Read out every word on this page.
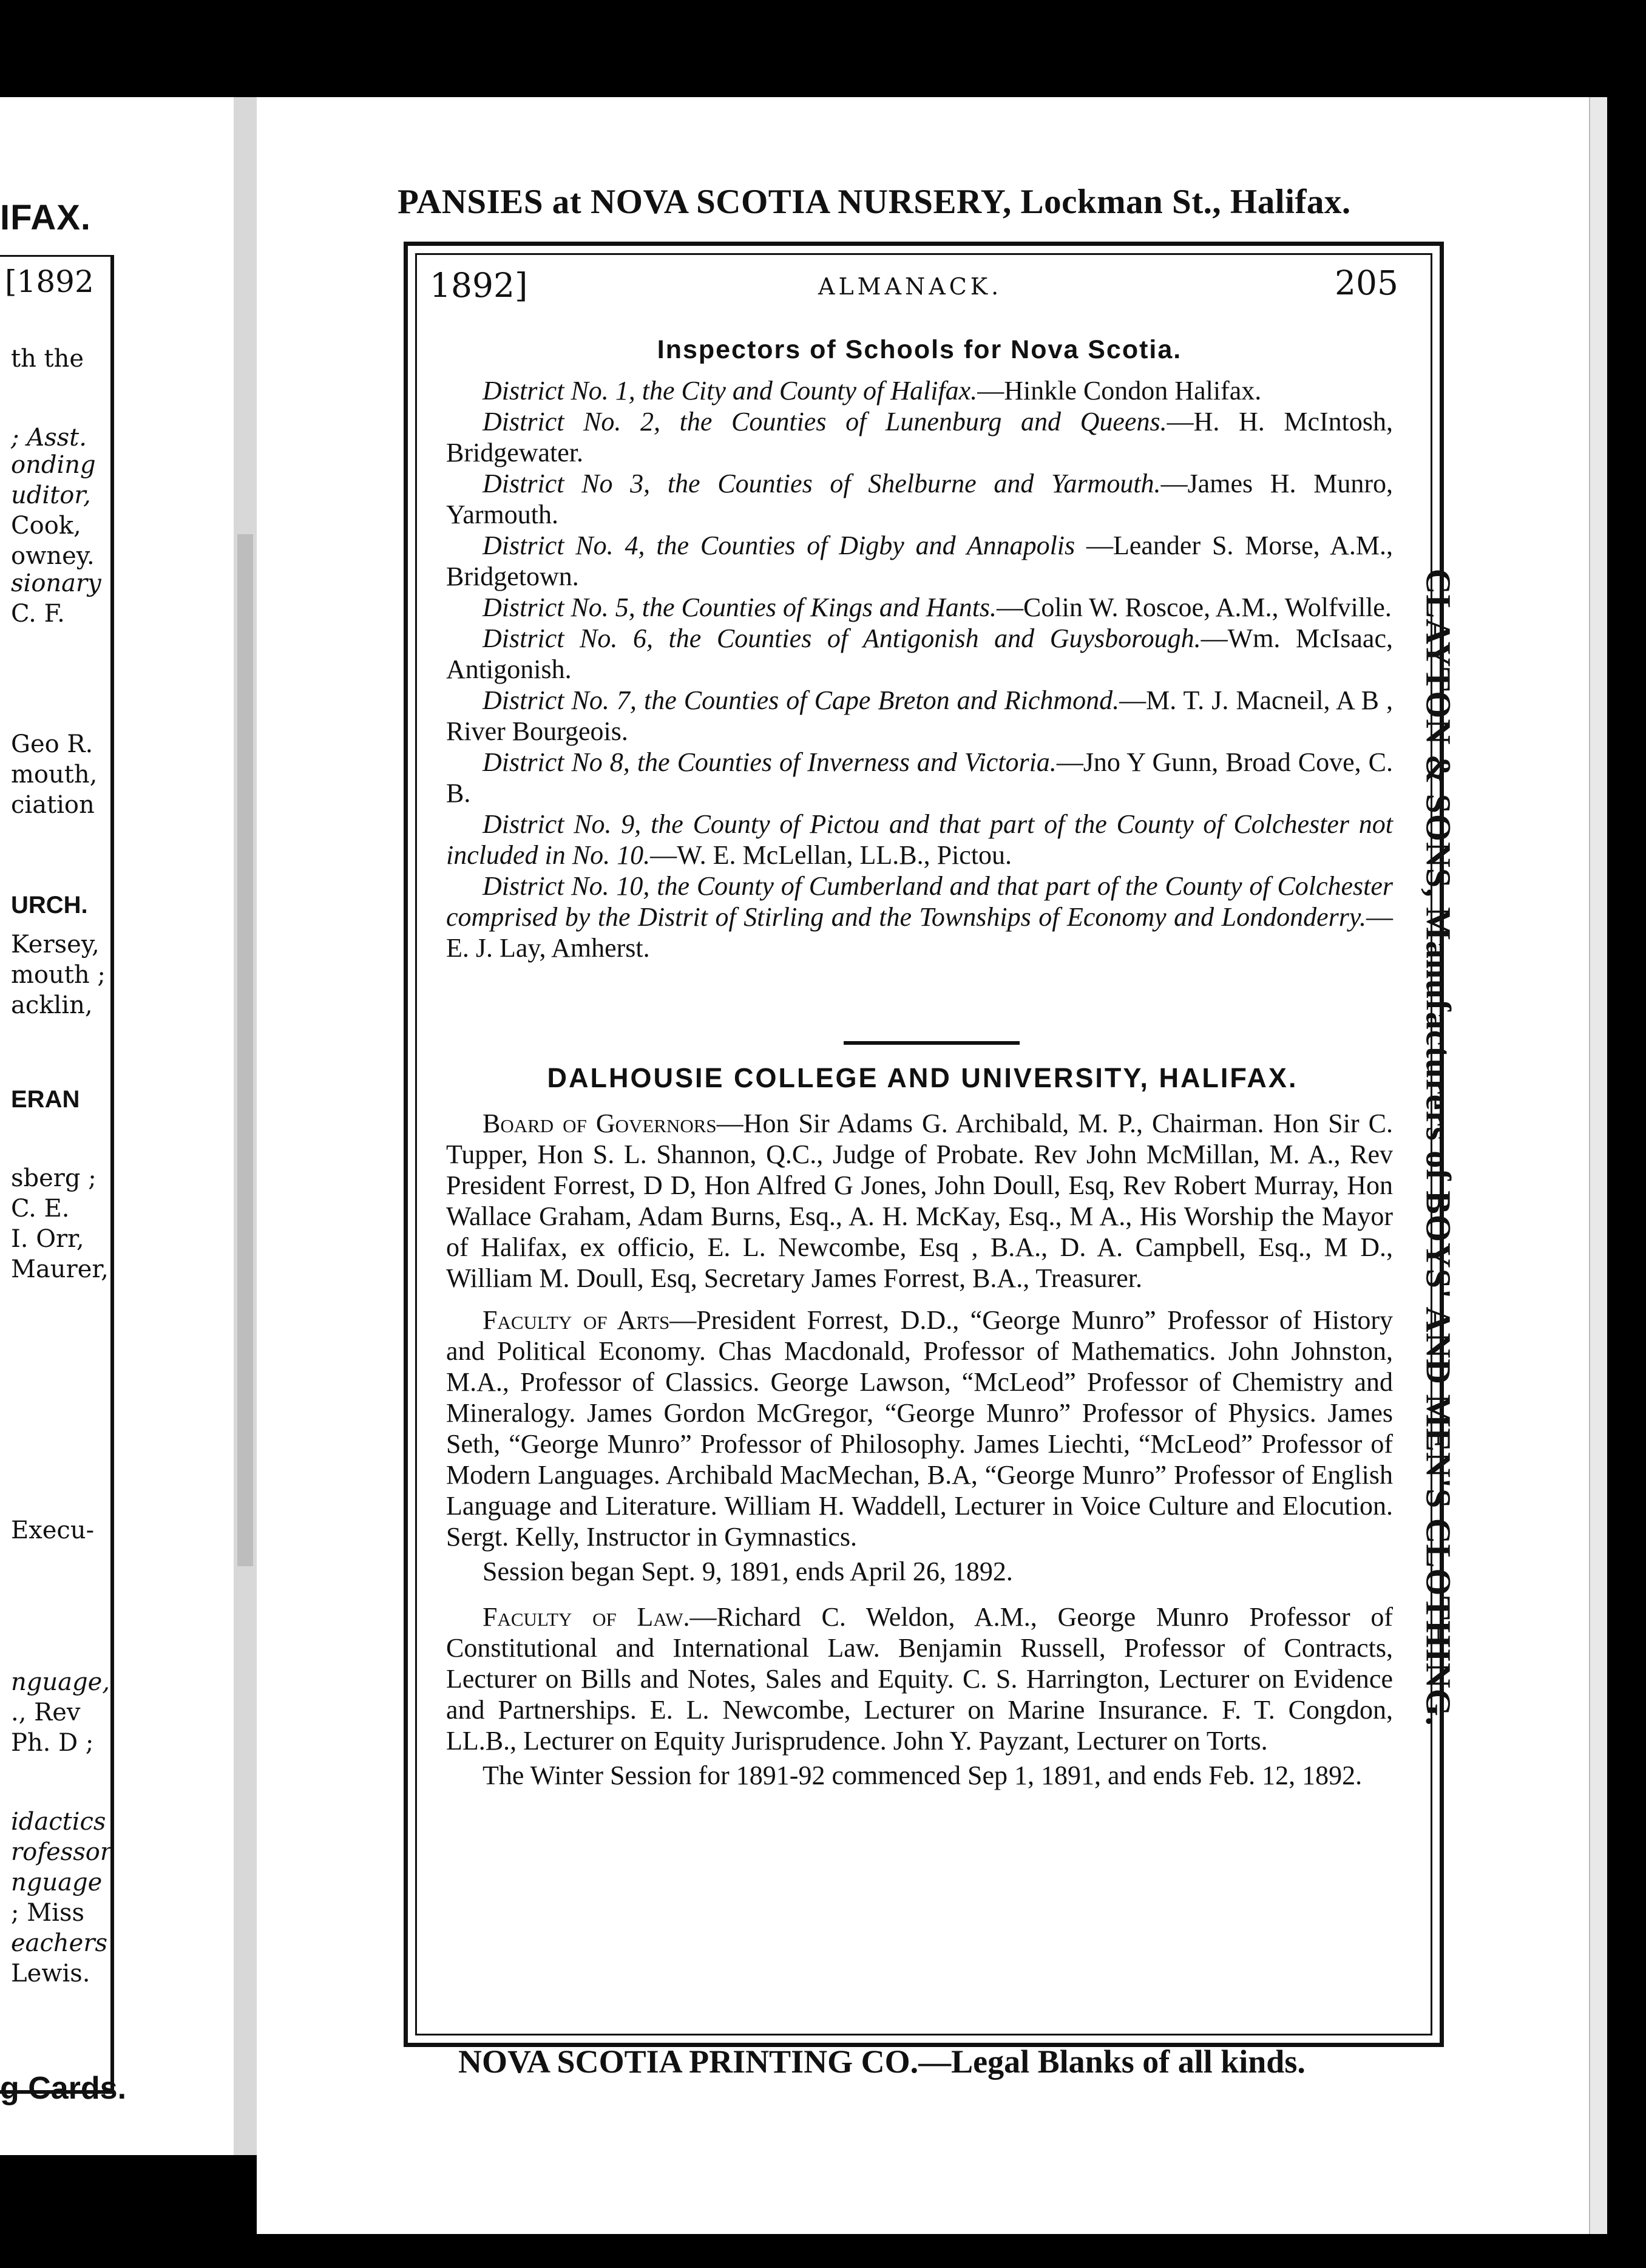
IFAX.
[1892
th the
; Asst.
onding
uditor,
Cook,
owney.
sionary
C. F.
Geo R.
mouth,
ciation
URCH.
Kersey,
mouth ;
acklin,
ERAN
sberg ;
C. E.
I. Orr,
Maurer,
Execu-
nguage,
., Rev
Ph. D ;
idactics
rofessor
nguage
; Miss
eachers
Lewis.
g Cards.
PANSIES at NOVA SCOTIA NURSERY, Lockman St., Halifax.
1892]	ALMANACK.	205
Inspectors of Schools for Nova Scotia.

District No. 1, the City and County of Halifax.—Hinkle Condon Halifax.

District No. 2, the Counties of Lunenburg and Queens.—H. H. McIntosh, Bridgewater.

District No 3, the Counties of Shelburne and Yarmouth.—James H. Munro, Yarmouth.

District No. 4, the Counties of Digby and Annapolis —Leander S. Morse, A.M., Bridgetown.

District No. 5, the Counties of Kings and Hants.—Colin W. Roscoe, A.M., Wolfville.

District No. 6, the Counties of Antigonish and Guysborough.—Wm. McIsaac, Antigonish.

District No. 7, the Counties of Cape Breton and Richmond.—M. T. J. Macneil, A B , River Bourgeois.

District No 8, the Counties of Inverness and Victoria.—Jno Y Gunn, Broad Cove, C. B.

District No. 9, the County of Pictou and that part of the County of Colchester not included in No. 10.—W. E. McLellan, LL.B., Pictou.

District No. 10, the County of Cumberland and that part of the County of Colchester comprised by the Distrit of Stirling and the Townships of Economy and Londonderry.—E. J. Lay, Amherst.

DALHOUSIE COLLEGE AND UNIVERSITY, HALIFAX.

Board of Governors—Hon Sir Adams G. Archibald, M. P., Chairman. Hon Sir C. Tupper, Hon S. L. Shannon, Q.C., Judge of Probate. Rev John McMillan, M. A., Rev President Forrest, D D, Hon Alfred G Jones, John Doull, Esq, Rev Robert Murray, Hon Wallace Graham, Adam Burns, Esq., A. H. McKay, Esq., M A., His Worship the Mayor of Halifax, ex officio, E. L. Newcombe, Esq , B.A., D. A. Campbell, Esq., M D., William M. Doull, Esq, Secretary James Forrest, B.A., Treasurer.

Faculty of Arts—President Forrest, D.D., “George Munro” Professor of History and Political Economy. Chas Macdonald, Professor of Mathematics. John Johnston, M.A., Professor of Classics. George Lawson, “McLeod” Professor of Chemistry and Mineralogy. James Gordon McGregor, “George Munro” Professor of Physics. James Seth, “George Munro” Professor of Philosophy. James Liechti, “McLeod” Professor of Modern Languages. Archibald MacMechan, B.A, “George Munro” Professor of English Language and Literature. William H. Waddell, Lecturer in Voice Culture and Elocution. Sergt. Kelly, Instructor in Gymnastics.

Session began Sept. 9, 1891, ends April 26, 1892.

Faculty of Law.—Richard C. Weldon, A.M., George Munro Professor of Constitutional and International Law. Benjamin Russell, Professor of Contracts, Lecturer on Bills and Notes, Sales and Equity. C. S. Harrington, Lecturer on Evidence and Partnerships. E. L. Newcombe, Lecturer on Marine Insurance. F. T. Congdon, LL.B., Lecturer on Equity Jurisprudence. John Y. Payzant, Lecturer on Torts.

The Winter Session for 1891-92 commenced Sep 1, 1891, and ends Feb. 12, 1892.

CLAYTON & SONS, Manufacturers of BOYS' AND MEN'S CLOTHING.
NOVA SCOTIA PRINTING CO.—Legal Blanks of all kinds.
